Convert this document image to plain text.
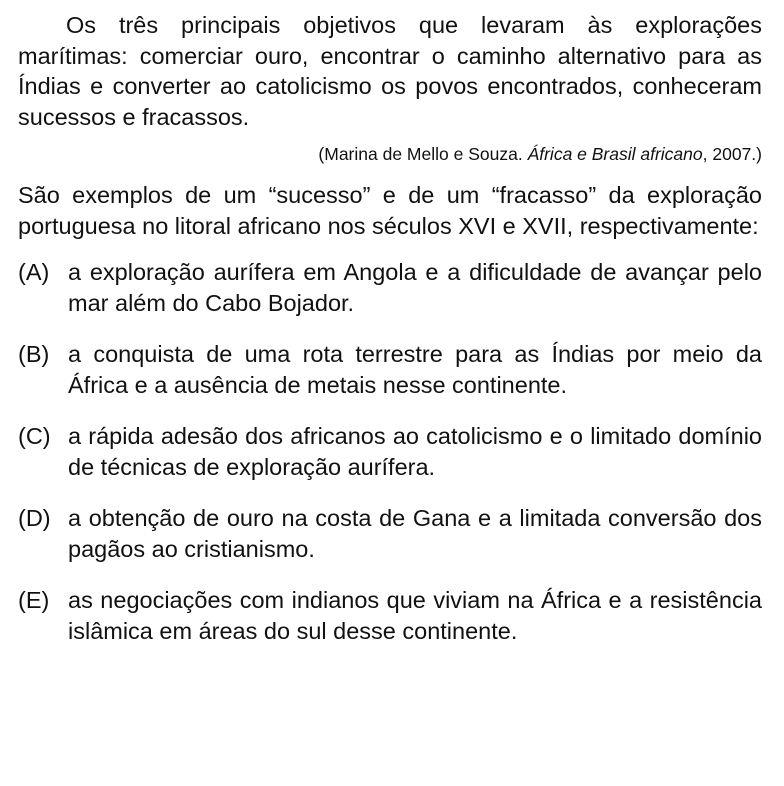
Os três principais objetivos que levaram às explorações marítimas: comerciar ouro, encontrar o caminho alternativo para as Índias e converter ao catolicismo os povos encontrados, conheceram sucessos e fracassos.

(Marina de Mello e Souza. África e Brasil africano, 2007.)

São exemplos de um “sucesso” e de um “fracasso” da exploração portuguesa no litoral africano nos séculos XVI e XVII, respectivamente:

(A) a exploração aurífera em Angola e a dificuldade de avançar pelo mar além do Cabo Bojador.
(B) a conquista de uma rota terrestre para as Índias por meio da África e a ausência de metais nesse continente.
(C) a rápida adesão dos africanos ao catolicismo e o limitado domínio de técnicas de exploração aurífera.
(D) a obtenção de ouro na costa de Gana e a limitada conversão dos pagãos ao cristianismo.
(E) as negociações com indianos que viviam na África e a resistência islâmica em áreas do sul desse continente.
